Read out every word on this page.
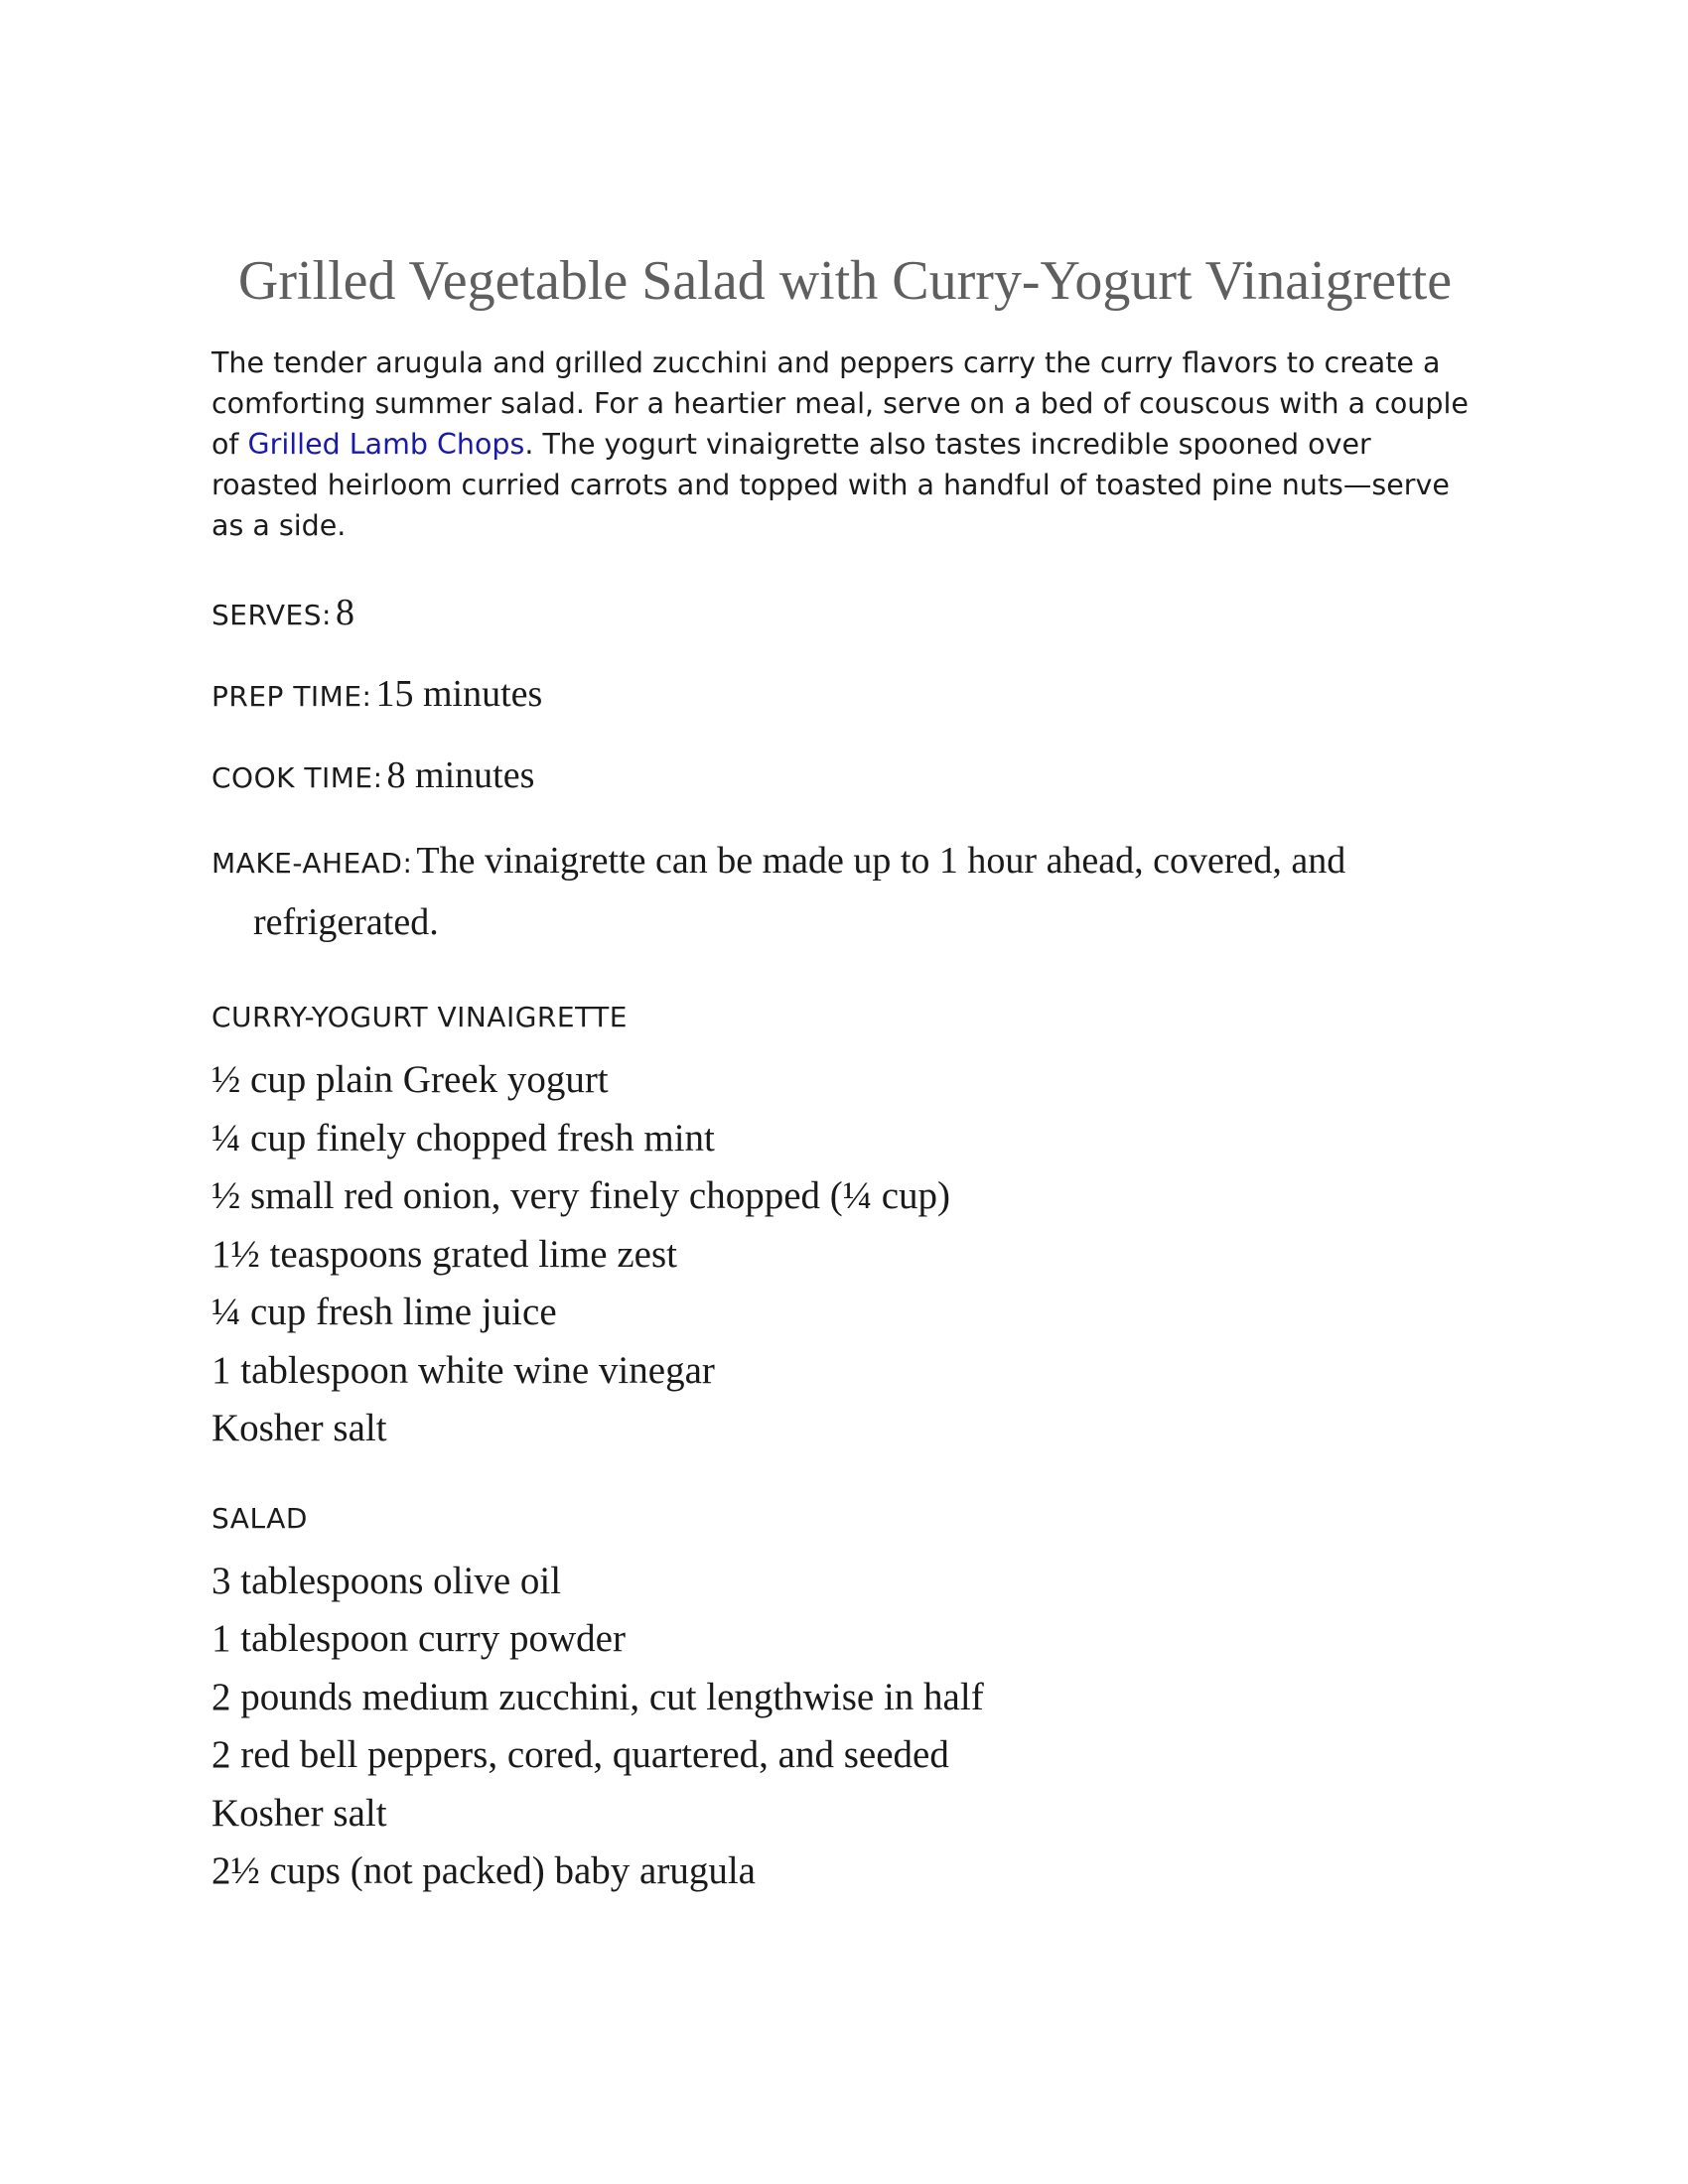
Grilled Vegetable Salad with Curry-Yogurt Vinaigrette

The tender arugula and grilled zucchini and peppers carry the curry flavors to create a comforting summer salad. For a heartier meal, serve on a bed of couscous with a couple of Grilled Lamb Chops. The yogurt vinaigrette also tastes incredible spooned over roasted heirloom curried carrots and topped with a handful of toasted pine nuts—serve as a side.

SERVES: 8
PREP TIME: 15 minutes
COOK TIME: 8 minutes
MAKE-AHEAD: The vinaigrette can be made up to 1 hour ahead, covered, and refrigerated.
CURRY-YOGURT VINAIGRETTE
½ cup plain Greek yogurt
¼ cup finely chopped fresh mint
½ small red onion, very finely chopped (¼ cup)
1½ teaspoons grated lime zest
¼ cup fresh lime juice
1 tablespoon white wine vinegar
Kosher salt
SALAD
3 tablespoons olive oil
1 tablespoon curry powder
2 pounds medium zucchini, cut lengthwise in half
2 red bell peppers, cored, quartered, and seeded
Kosher salt
2½ cups (not packed) baby arugula
